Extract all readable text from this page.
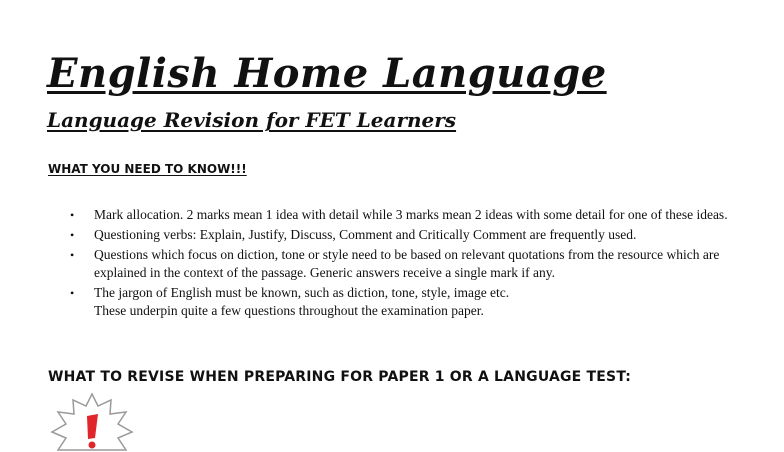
English Home Language
Language Revision for FET Learners
WHAT YOU NEED TO KNOW!!!
• Mark allocation. 2 marks mean 1 idea with detail while 3 marks mean 2 ideas with some detail for one of these ideas.
• Questioning verbs: Explain, Justify, Discuss, Comment and Critically Comment are frequently used.
• Questions which focus on diction, tone or style need to be based on relevant quotations from the resource which are explained in the context of the passage. Generic answers receive a single mark if any.
• The jargon of English must be known, such as diction, tone, style, image etc.
These underpin quite a few questions throughout the examination paper.
WHAT TO REVISE WHEN PREPARING FOR PAPER 1 OR A LANGUAGE TEST:
